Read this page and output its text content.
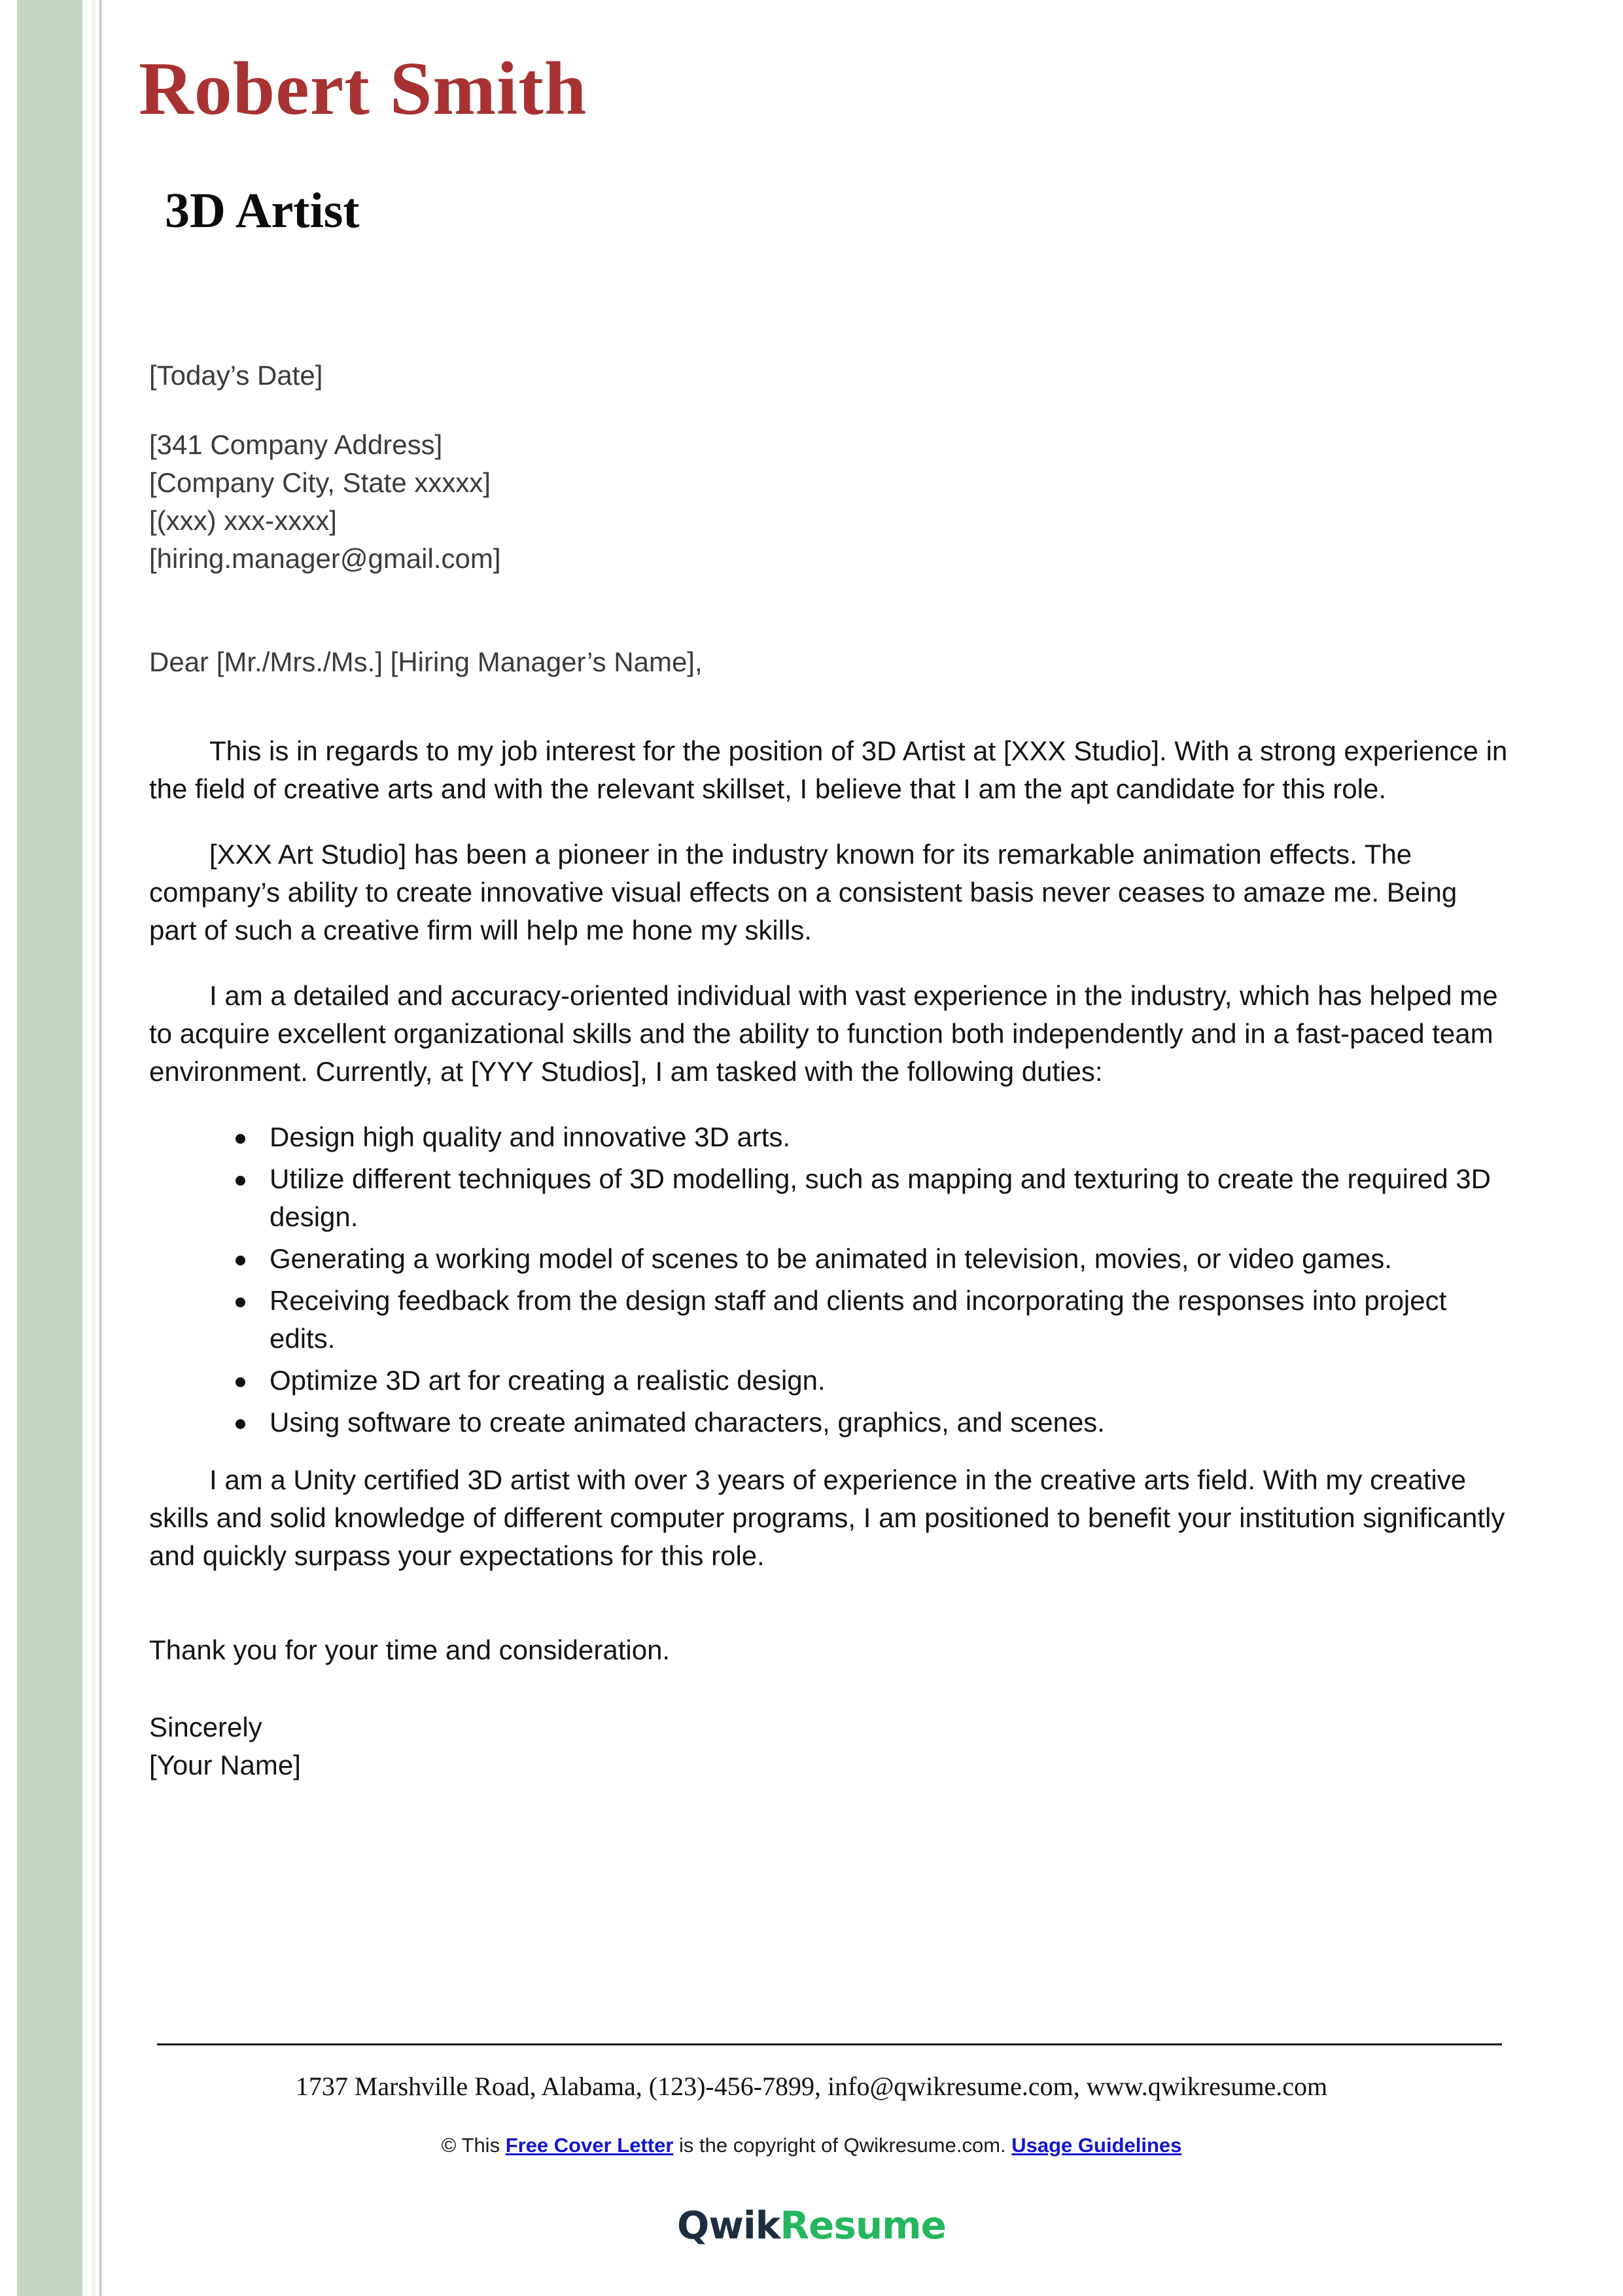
Robert Smith
3D Artist
[Today’s Date]
[341 Company Address]
[Company City, State xxxxx]
[(xxx) xxx-xxxx]
[hiring.manager@gmail.com]
Dear [Mr./Mrs./Ms.] [Hiring Manager’s Name],

This is in regards to my job interest for the position of 3D Artist at [XXX Studio]. With a strong experience in the field of creative arts and with the relevant skillset, I believe that I am the apt candidate for this role.

[XXX Art Studio] has been a pioneer in the industry known for its remarkable animation effects. The company’s ability to create innovative visual effects on a consistent basis never ceases to amaze me. Being part of such a creative firm will help me hone my skills.

I am a detailed and accuracy-oriented individual with vast experience in the industry, which has helped me to acquire excellent organizational skills and the ability to function both independently and in a fast-paced team environment. Currently, at [YYY Studios], I am tasked with the following duties:

Design high quality and innovative 3D arts.
Utilize different techniques of 3D modelling, such as mapping and texturing to create the required 3D design.
Generating a working model of scenes to be animated in television, movies, or video games.
Receiving feedback from the design staff and clients and incorporating the responses into project edits.
Optimize 3D art for creating a realistic design.
Using software to create animated characters, graphics, and scenes.

I am a Unity certified 3D artist with over 3 years of experience in the creative arts field. With my creative skills and solid knowledge of different computer programs, I am positioned to benefit your institution significantly and quickly surpass your expectations for this role.

Thank you for your time and consideration.

Sincerely

[Your Name]

1737 Marshville Road, Alabama, (123)-456-7899, info@qwikresume.com, www.qwikresume.com
© This Free Cover Letter is the copyright of Qwikresume.com. Usage Guidelines
QwikResume
